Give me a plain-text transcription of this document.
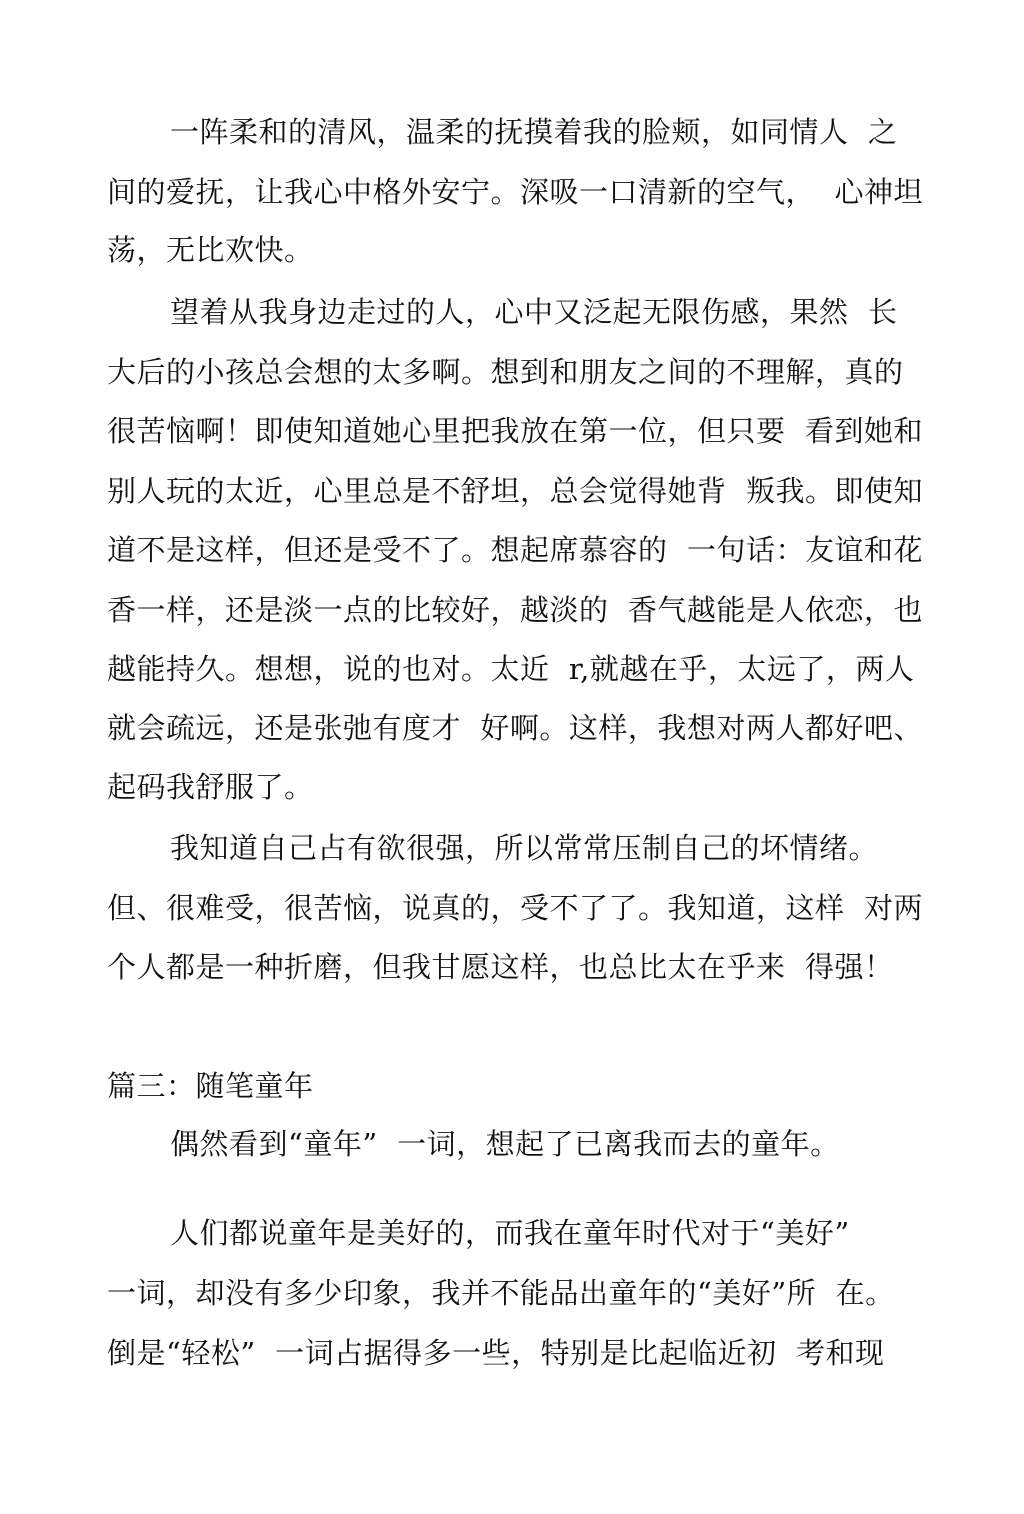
一阵柔和的清风，温柔的抚摸着我的脸颊，如同情人  之
间的爱抚，让我心中格外安宁。深吸一口清新的空气，  心神坦
荡，无比欢快。
望着从我身边走过的人，心中又泛起无限伤感，果然  长
大后的小孩总会想的太多啊。想到和朋友之间的不理解，真的
很苦恼啊！即使知道她心里把我放在第一位，但只要  看到她和
别人玩的太近，心里总是不舒坦，总会觉得她背  叛我。即使知
道不是这样，但还是受不了。想起席慕容的  一句话：友谊和花
香一样，还是淡一点的比较好，越淡的  香气越能是人依恋，也
越能持久。想想，说的也对。太近  r,就越在乎，太远了，两人
就会疏远，还是张弛有度才  好啊。这样，我想对两人都好吧、
起码我舒服了。
我知道自己占有欲很强，所以常常压制自己的坏情绪。
但、很难受，很苦恼，说真的，受不了了。我知道，这样  对两
个人都是一种折磨，但我甘愿这样，也总比太在乎来  得强！
篇三：随笔童年
偶然看到“童年”  一词，想起了已离我而去的童年。
人们都说童年是美好的，而我在童年时代对于“美好”
一词，却没有多少印象，我并不能品出童年的“美好”所  在。
倒是“轻松”  一词占据得多一些，特别是比起临近初  考和现
